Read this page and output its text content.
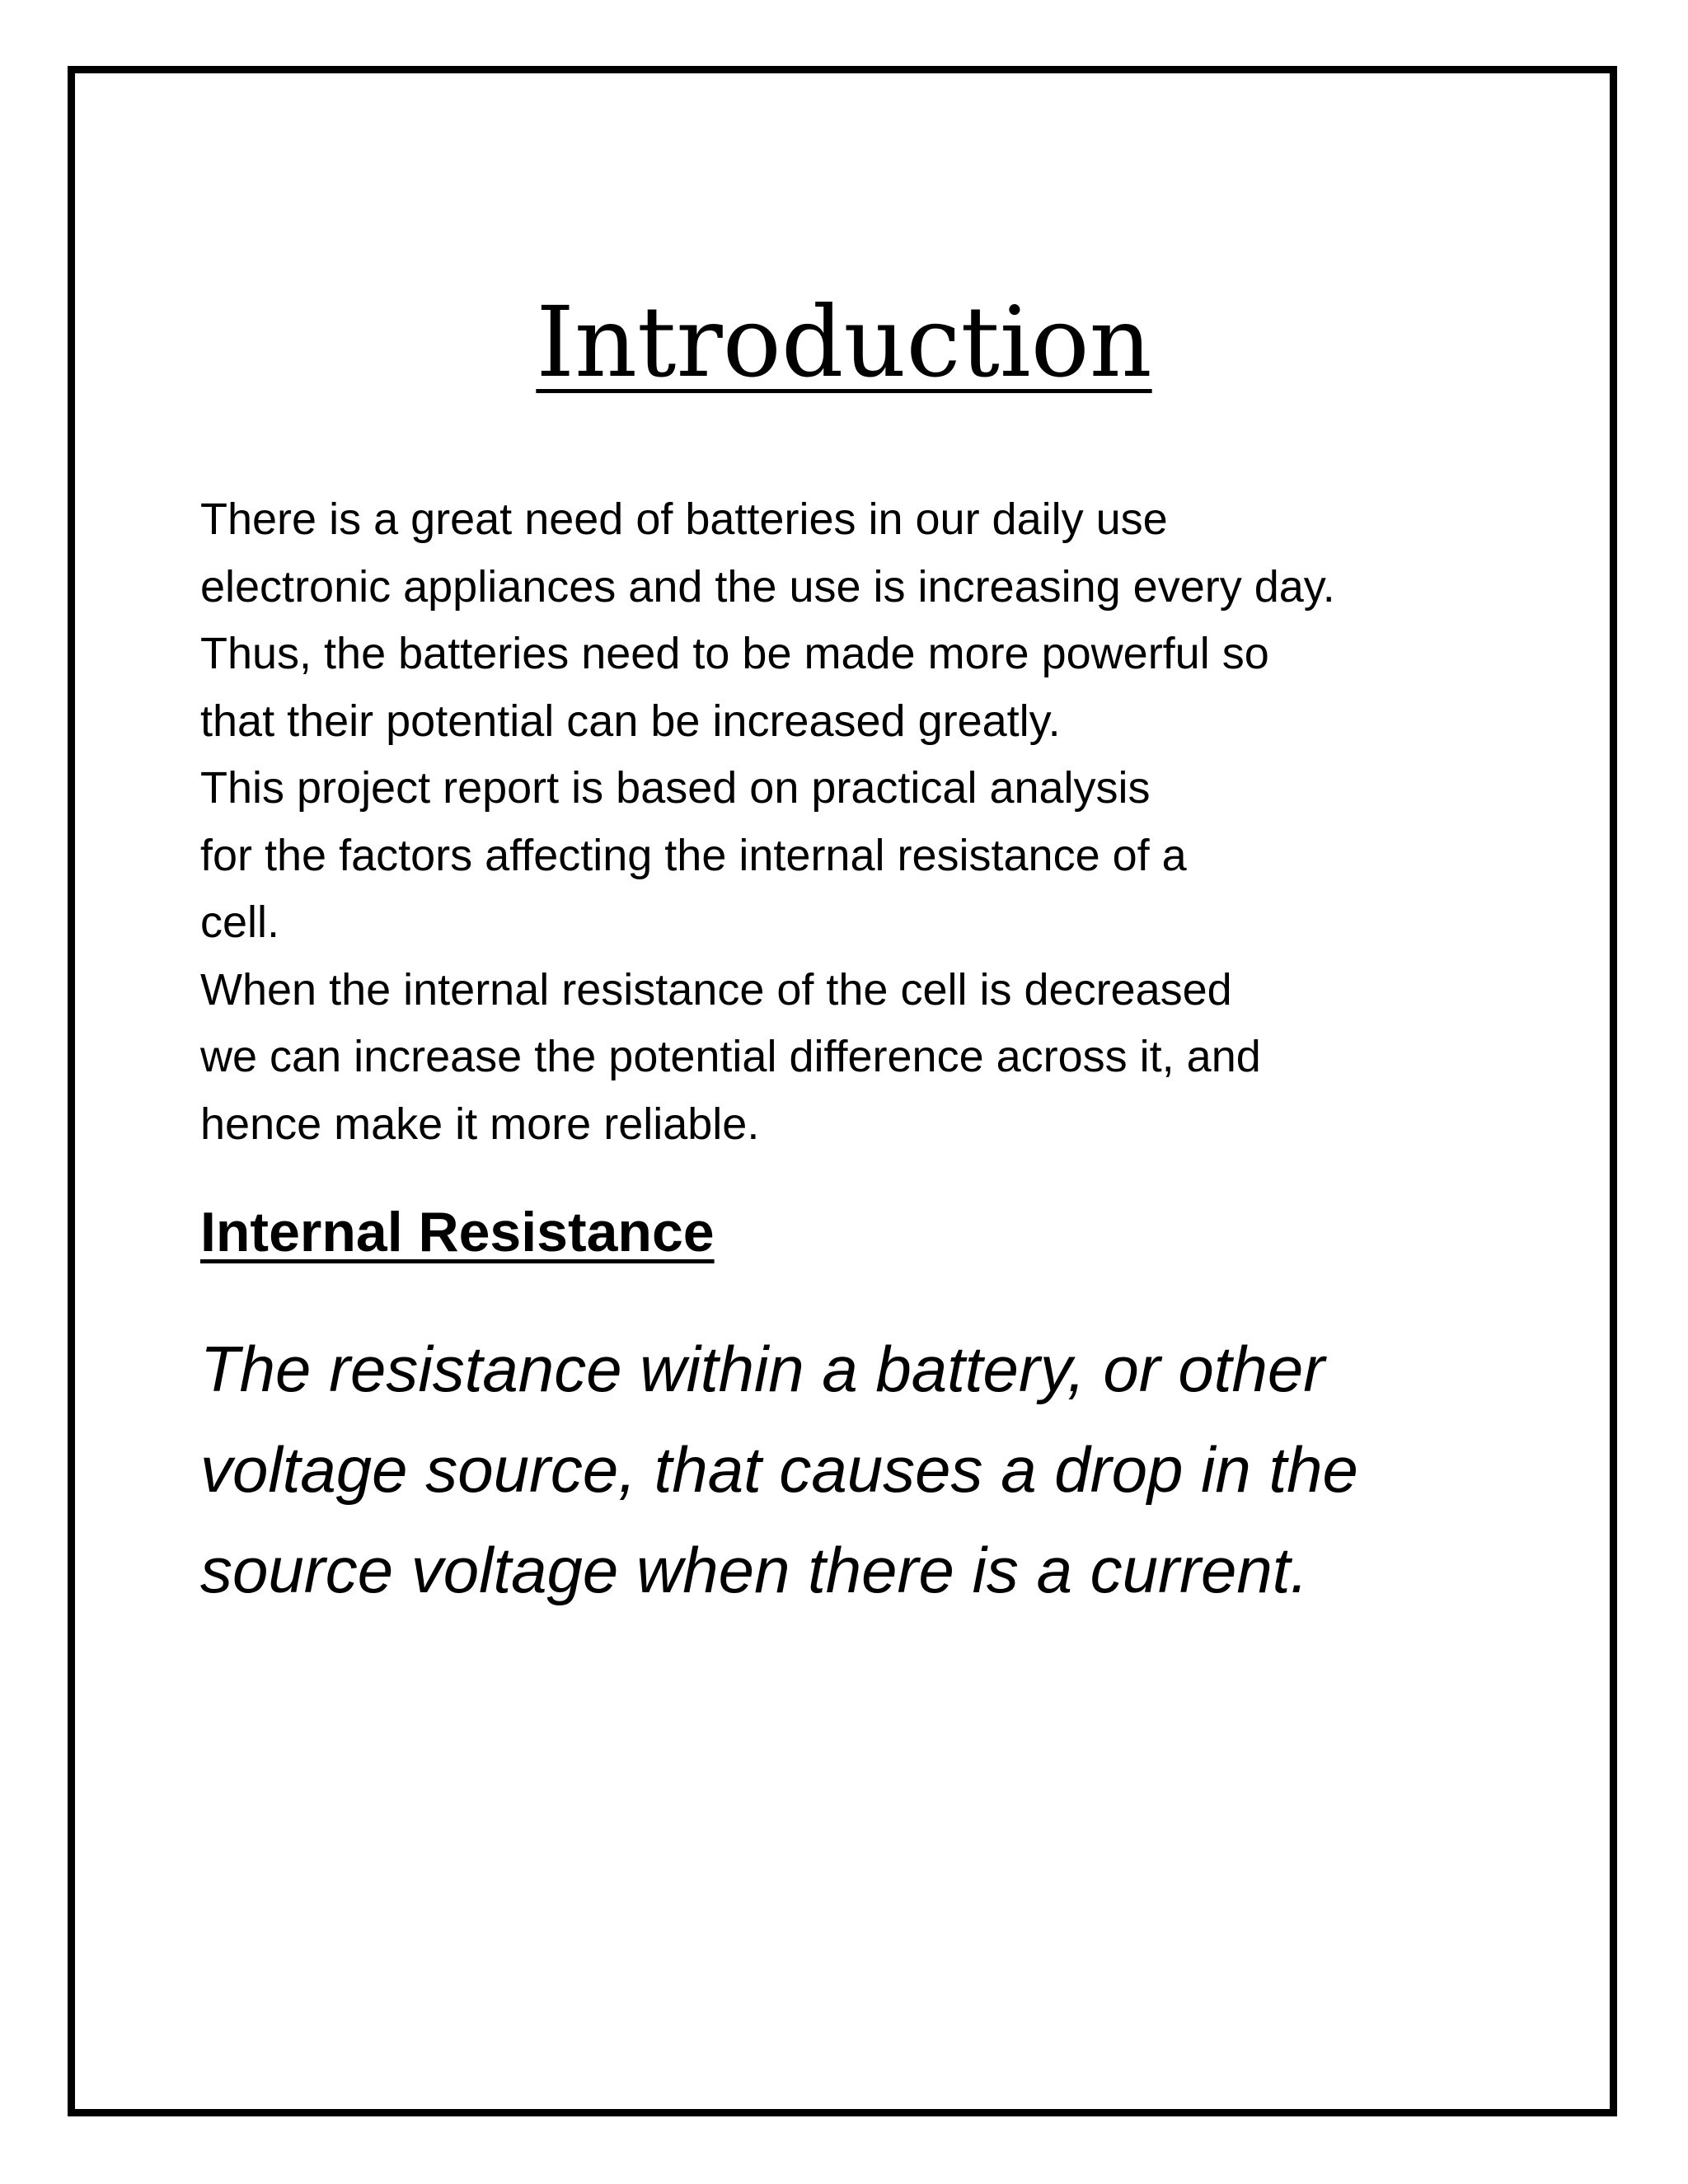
Introduction
There is a great need of batteries in our daily use
electronic appliances and the use is increasing every day.
Thus, the batteries need to be made more powerful so
that their potential can be increased greatly.
This project report is based on practical analysis
for the factors affecting the internal resistance of a
cell.
When the internal resistance of the cell is decreased
we can increase the potential difference across it, and
hence make it more reliable.
Internal Resistance
The resistance within a battery, or other
voltage source, that causes a drop in the
source voltage when there is a current.
